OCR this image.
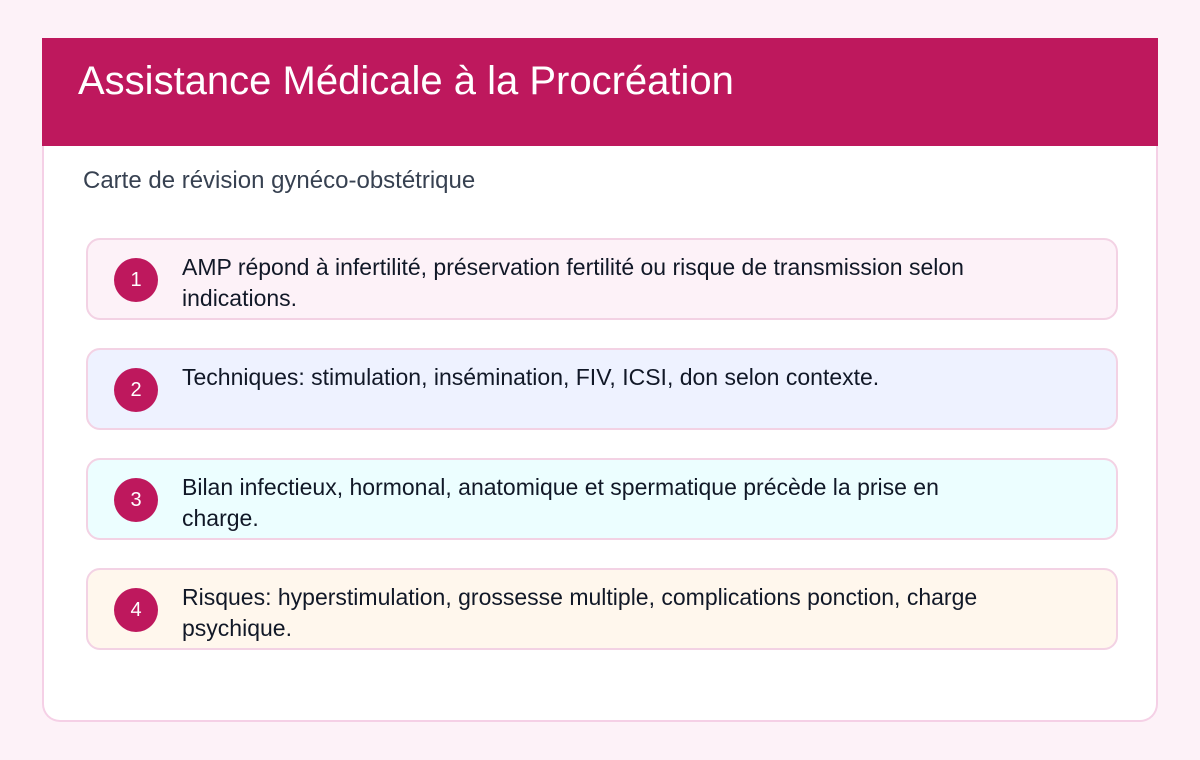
Assistance Médicale à la Procréation
Carte de révision gynéco-obstétrique
1	AMP répond à infertilité, préservation fertilité ou risque de transmission selon indications.
2	Techniques: stimulation, insémination, FIV, ICSI, don selon contexte.
3	Bilan infectieux, hormonal, anatomique et spermatique précède la prise en charge.
4	Risques: hyperstimulation, grossesse multiple, complications ponction, charge psychique.
